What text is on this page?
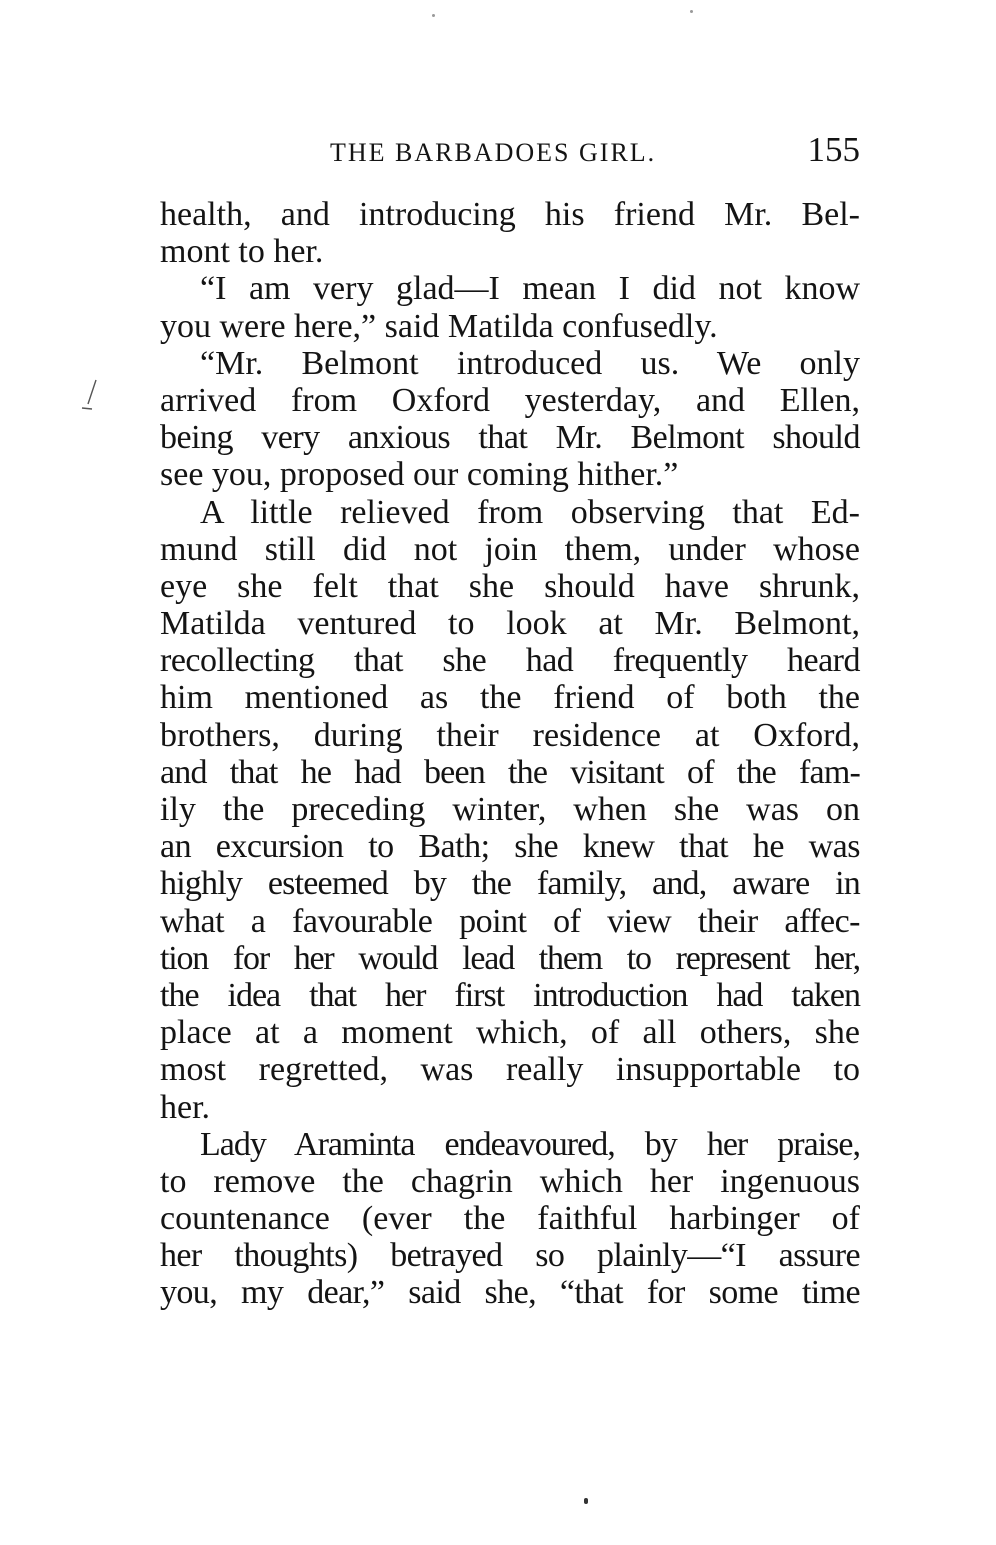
THE BARBADOES GIRL.	155
health, and introducing his friend Mr. Bel-
mont to her.
“I am very glad—I mean I did not know
you were here,” said Matilda confusedly.
“Mr. Belmont introduced us. We only
arrived from Oxford yesterday, and Ellen,
being very anxious that Mr. Belmont should
see you, proposed our coming hither.”
A little relieved from observing that Ed-
mund still did not join them, under whose
eye she felt that she should have shrunk,
Matilda ventured to look at Mr. Belmont,
recollecting that she had frequently heard
him mentioned as the friend of both the
brothers, during their residence at Oxford,
and that he had been the visitant of the fam-
ily the preceding winter, when she was on
an excursion to Bath; she knew that he was
highly esteemed by the family, and, aware in
what a favourable point of view their affec-
tion for her would lead them to represent her,
the idea that her first introduction had taken
place at a moment which, of all others, she
most regretted, was really insupportable to
her.
Lady Araminta endeavoured, by her praise,
to remove the chagrin which her ingenuous
countenance (ever the faithful harbinger of
her thoughts) betrayed so plainly—“I assure
you, my dear,” said she, “that for some time
